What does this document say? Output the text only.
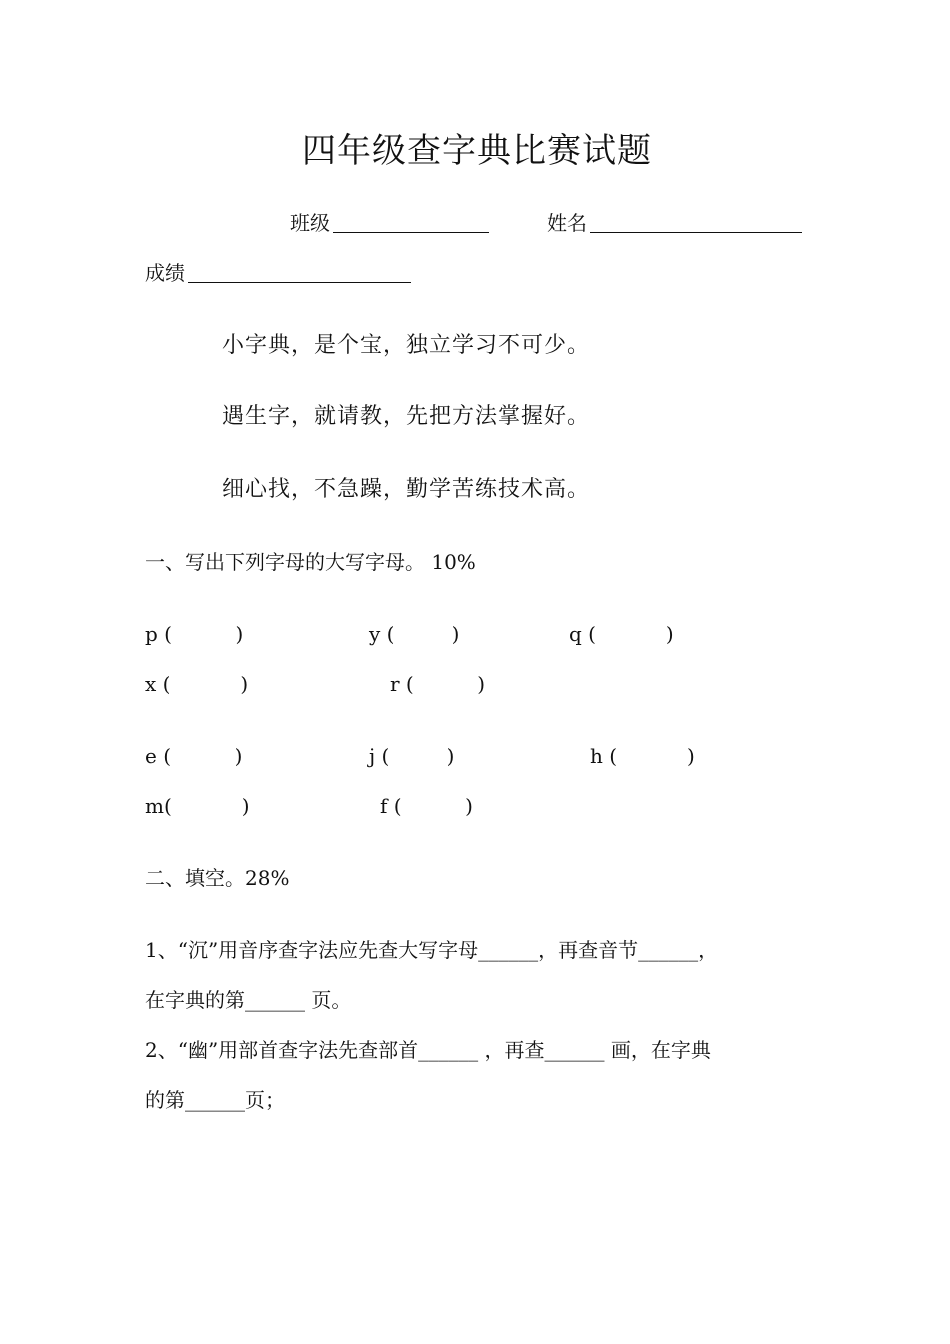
四年级查字典比赛试题
班级	姓名
成绩
小字典，是个宝，独立学习不可少。
遇生字，就请教，先把方法掌握好。
细心找，不急躁，勤学苦练技术高。
一、写出下列字母的大写字母。 10%
p (          )	y (         )	q (           )
x (           )	r (          )
e (          )	j (         )	h (           )
m(           )	f (          )
二、填空。28%
1、“沉”用音序查字法应先查大写字母______，再查音节______，
在字典的第______ 页。
2、“幽”用部首查字法先查部首______ ，再查______ 画，在字典
的第______页；
